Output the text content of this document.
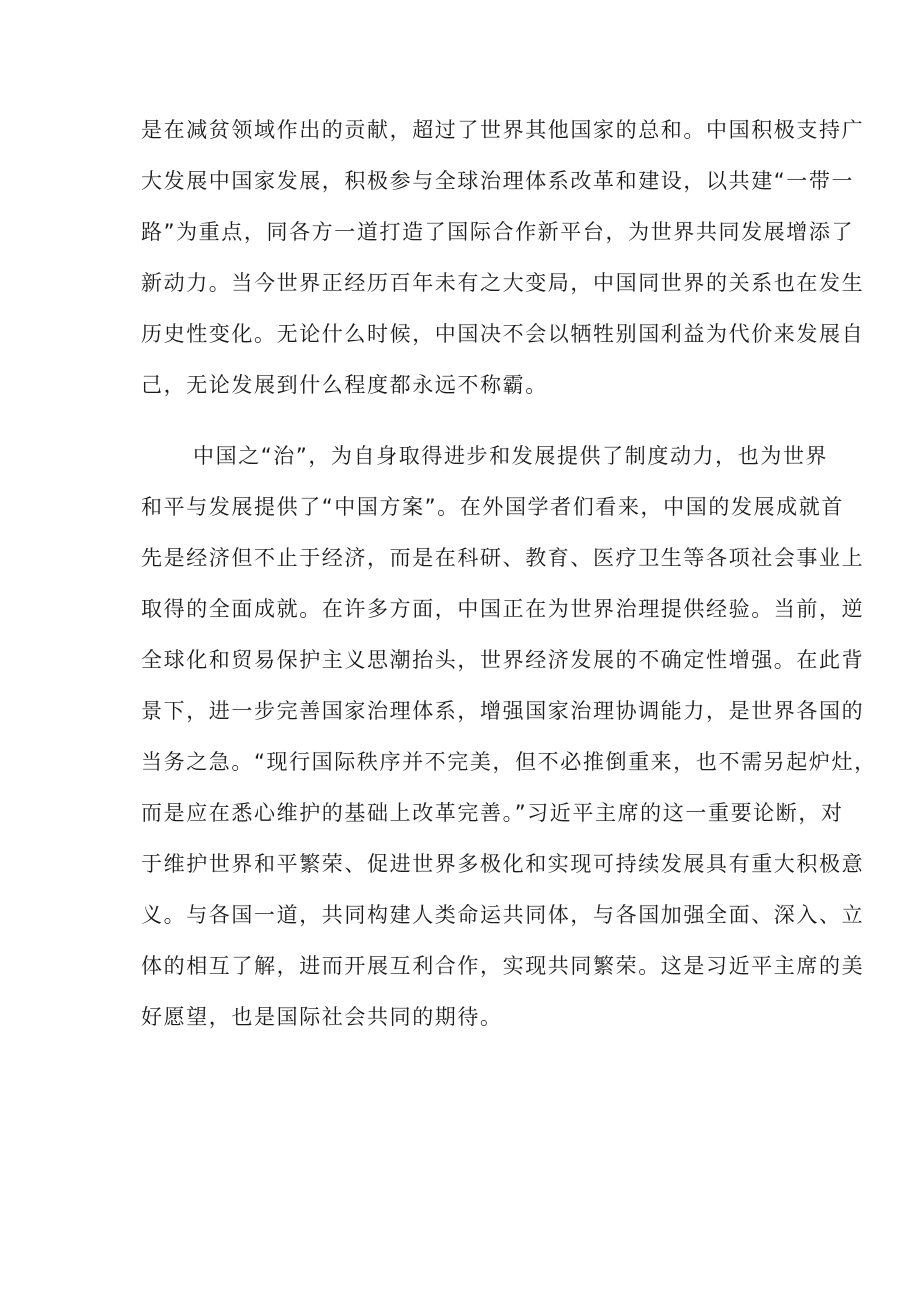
是在减贫领域作出的贡献，超过了世界其他国家的总和。中国积极支持广
大发展中国家发展，积极参与全球治理体系改革和建设，以共建“一带一
路”为重点，同各方一道打造了国际合作新平台，为世界共同发展增添了
新动力。当今世界正经历百年未有之大变局，中国同世界的关系也在发生
历史性变化。无论什么时候，中国决不会以牺牲别国利益为代价来发展自
己，无论发展到什么程度都永远不称霸。
中国之“治”，为自身取得进步和发展提供了制度动力，也为世界
和平与发展提供了“中国方案”。在外国学者们看来，中国的发展成就首
先是经济但不止于经济，而是在科研、教育、医疗卫生等各项社会事业上
取得的全面成就。在许多方面，中国正在为世界治理提供经验。当前，逆
全球化和贸易保护主义思潮抬头，世界经济发展的不确定性增强。在此背
景下，进一步完善国家治理体系，增强国家治理协调能力，是世界各国的
当务之急。“现行国际秩序并不完美，但不必推倒重来，也不需另起炉灶，
而是应在悉心维护的基础上改革完善。”习近平主席的这一重要论断，对
于维护世界和平繁荣、促进世界多极化和实现可持续发展具有重大积极意
义。与各国一道，共同构建人类命运共同体，与各国加强全面、深入、立
体的相互了解，进而开展互利合作，实现共同繁荣。这是习近平主席的美
好愿望，也是国际社会共同的期待。
